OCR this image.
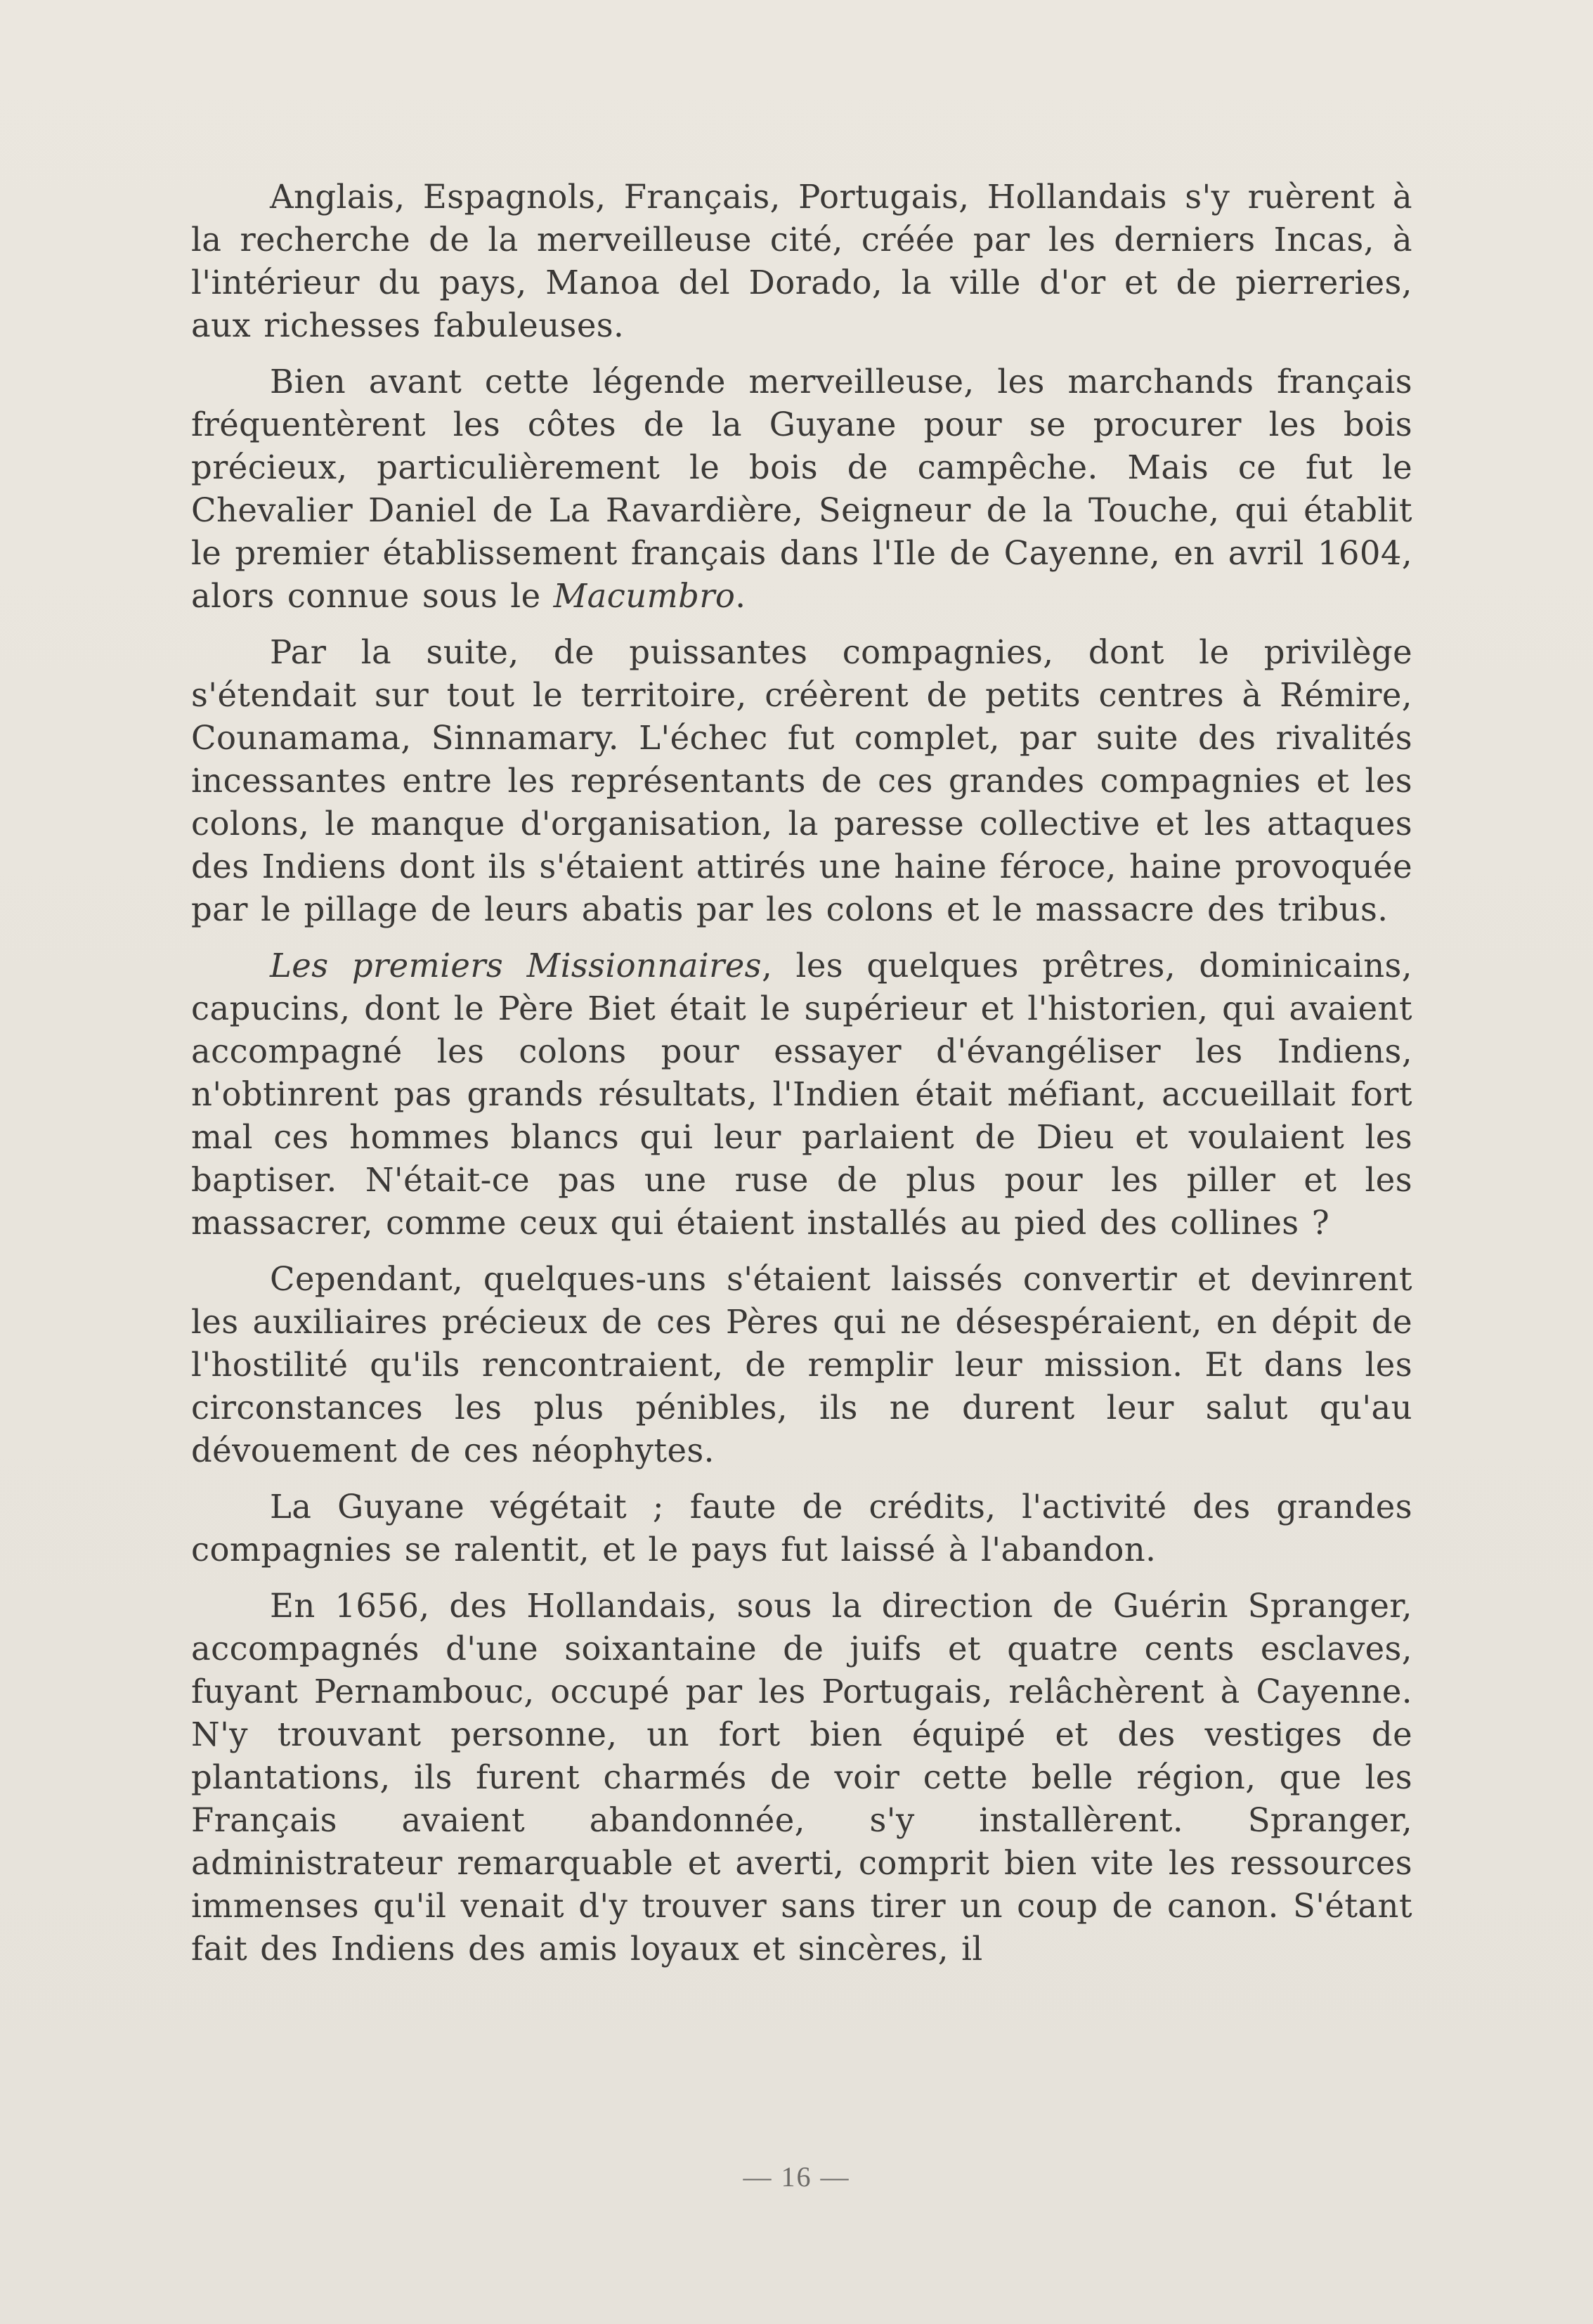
Anglais, Espagnols, Français, Portugais, Hollandais s'y ruèrent à la recherche de la merveilleuse cité, créée par les derniers Incas, à l'intérieur du pays, Manoa del Dorado, la ville d'or et de pierreries, aux richesses fabuleuses.

Bien avant cette légende merveilleuse, les marchands français fréquentèrent les côtes de la Guyane pour se procurer les bois précieux, particulièrement le bois de campêche. Mais ce fut le Chevalier Daniel de La Ravardière, Seigneur de la Touche, qui établit le premier établissement français dans l'Ile de Cayenne, en avril 1604, alors connue sous le Macumbro.

Par la suite, de puissantes compagnies, dont le privilège s'étendait sur tout le territoire, créèrent de petits centres à Rémire, Counamama, Sinnamary. L'échec fut complet, par suite des rivalités incessantes entre les représentants de ces grandes compagnies et les colons, le manque d'organisation, la paresse collective et les attaques des Indiens dont ils s'étaient attirés une haine féroce, haine provoquée par le pillage de leurs abatis par les colons et le massacre des tribus.

Les premiers Missionnaires, les quelques prêtres, dominicains, capucins, dont le Père Biet était le supérieur et l'historien, qui avaient accompagné les colons pour essayer d'évangéliser les Indiens, n'obtinrent pas grands résultats, l'Indien était méfiant, accueillait fort mal ces hommes blancs qui leur parlaient de Dieu et voulaient les baptiser. N'était-ce pas une ruse de plus pour les piller et les massacrer, comme ceux qui étaient installés au pied des collines ?

Cependant, quelques-uns s'étaient laissés convertir et devinrent les auxiliaires précieux de ces Pères qui ne désespéraient, en dépit de l'hostilité qu'ils rencontraient, de remplir leur mission. Et dans les circonstances les plus pénibles, ils ne durent leur salut qu'au dévouement de ces néophytes.

La Guyane végétait ; faute de crédits, l'activité des grandes compagnies se ralentit, et le pays fut laissé à l'abandon.

En 1656, des Hollandais, sous la direction de Guérin Spranger, accompagnés d'une soixantaine de juifs et quatre cents esclaves, fuyant Pernambouc, occupé par les Portugais, relâchèrent à Cayenne. N'y trouvant personne, un fort bien équipé et des vestiges de plantations, ils furent charmés de voir cette belle région, que les Français avaient abandonnée, s'y installèrent. Spranger, administrateur remarquable et averti, comprit bien vite les ressources immenses qu'il venait d'y trouver sans tirer un coup de canon. S'étant fait des Indiens des amis loyaux et sincères, il

— 16 —
